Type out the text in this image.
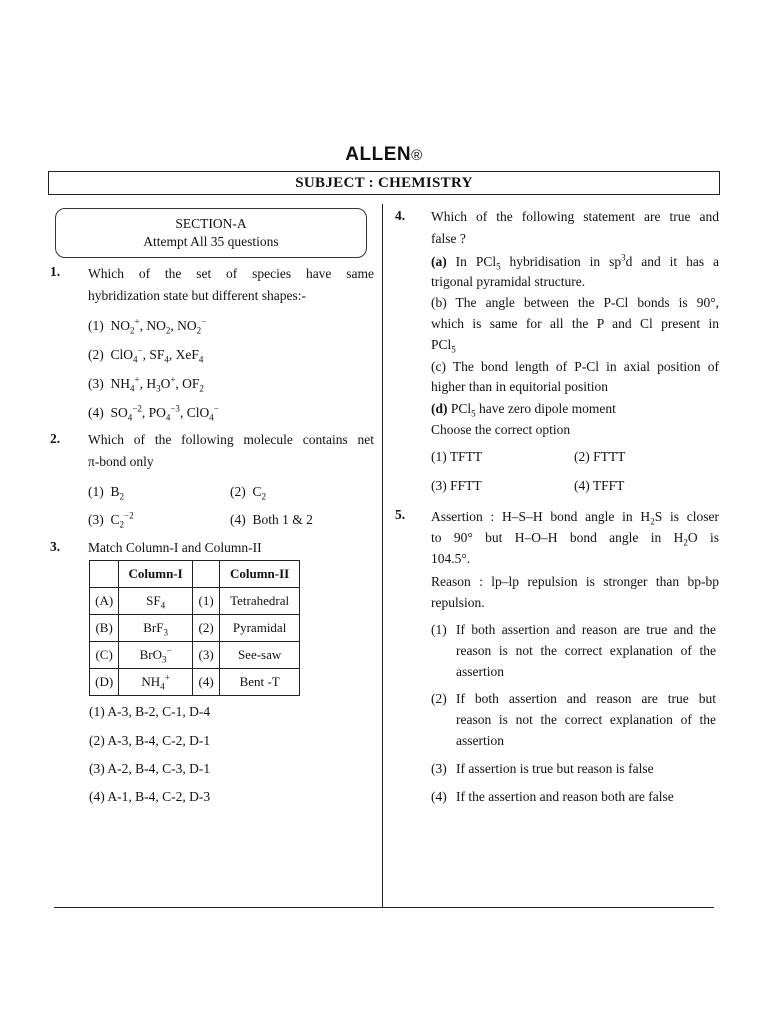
ALLEN®
SUBJECT : CHEMISTRY
SECTION-A
Attempt All 35 questions
1. Which of the set of species have same
hybridization state but different shapes:-
(1)  $NO_2^+$, $NO_2$, $NO_2^-$
(2)  ClO$_4$−, $SF_4$, XeF$_4$
(3)  $NH_4^+$, $H_3O^+$, $OF_2$
(4)  $SO_4^{-2}$, $PO_4^{-3}$, ClO$_4$−
2. Which of the following molecule contains net
π-bond only
(1)  $B_2$	(2)  $C_2$
(3)  $C_2^{-2}$	(4) Both 1 & 2
3. Match Column-I and Column-II
	Column-I		Column-II
(A)	$SF_4$	(1)	Tetrahedral
(B)	BrF$_3$	(2)	Pyramidal
(C)	BrO$_3$−	(3)	See-saw
(D)	$NH_4^+$	(4)	Bent -T
(1) A-3, B-2, C-1, D-4
(2) A-3, B-4, C-2, D-1
(3) A-2, B-4, C-3, D-1
(4) A-1, B-4, C-2, D-3
4. Which of the following statement are true and
false ?
(a) In PCl$_5$ hybridisation in $sp^3d$ and it has a
trigonal pyramidal structure.
(b) The angle between the P-Cl bonds is 90°,
which is same for all the P and Cl present in
PCl$_5$
(c) The bond length of P-Cl in axial position of
higher than in equitorial position
(d) PCl$_5$ have zero dipole moment
Choose the correct option
(1) TFTT	(2) FTTT
(3) FFTT	(4) TFFT
5. Assertion : H–S–H bond angle in $H_2S$ is closer
to 90° but H–O–H bond angle in $H_2O$ is
104.5°.
Reason : lp–lp repulsion is stronger than bp-bp
repulsion.
(1) If both assertion and reason are true and the
reason is not the correct explanation of the
assertion
(2) If both assertion and reason are true but
reason is not the correct explanation of the
assertion
(3) If assertion is true but reason is false
(4) If the assertion and reason both are false
